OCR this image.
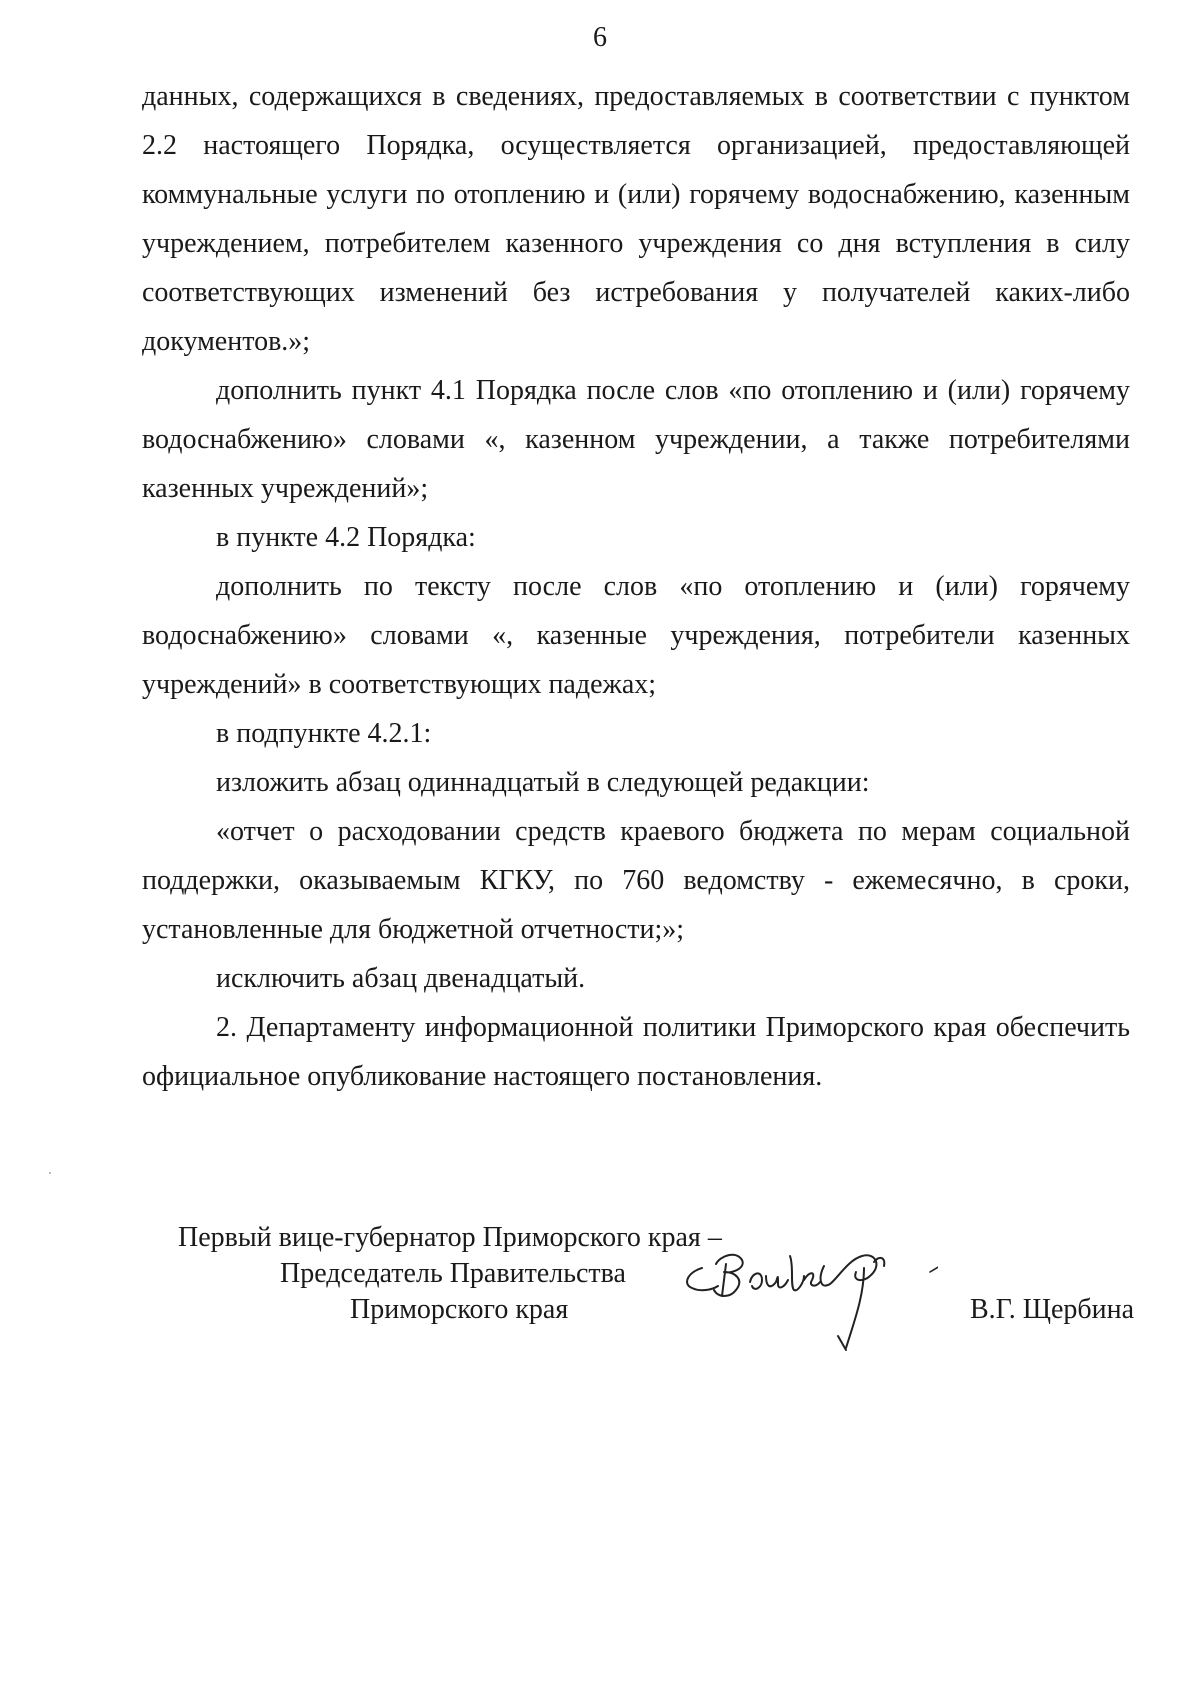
6

данных, содержащихся в сведениях, предоставляемых в соответствии с пунктом 2.2 настоящего Порядка, осуществляется организацией, предоставляющей коммунальные услуги по отоплению и (или) горячему водоснабжению, казенным учреждением, потребителем казенного учреждения со дня вступления в силу соответствующих изменений без истребования у получателей каких-либо документов.»;

дополнить пункт 4.1 Порядка после слов «по отоплению и (или) горячему водоснабжению» словами «, казенном учреждении, а также потребителями казенных учреждений»;

в пункте 4.2 Порядка:

дополнить по тексту после слов «по отоплению и (или) горячему водоснабжению» словами «, казенные учреждения, потребители казенных учреждений» в соответствующих падежах;

в подпункте 4.2.1:

изложить абзац одиннадцатый в следующей редакции:

«отчет о расходовании средств краевого бюджета по мерам социальной поддержки, оказываемым КГКУ, по 760 ведомству - ежемесячно, в сроки, установленные для бюджетной отчетности;»;

исключить абзац двенадцатый.

2. Департаменту информационной политики Приморского края обеспечить официальное опубликование настоящего постановления.

Первый вице-губернатор Приморского края –
Председатель Правительства
Приморского края	В.Г. Щербина
